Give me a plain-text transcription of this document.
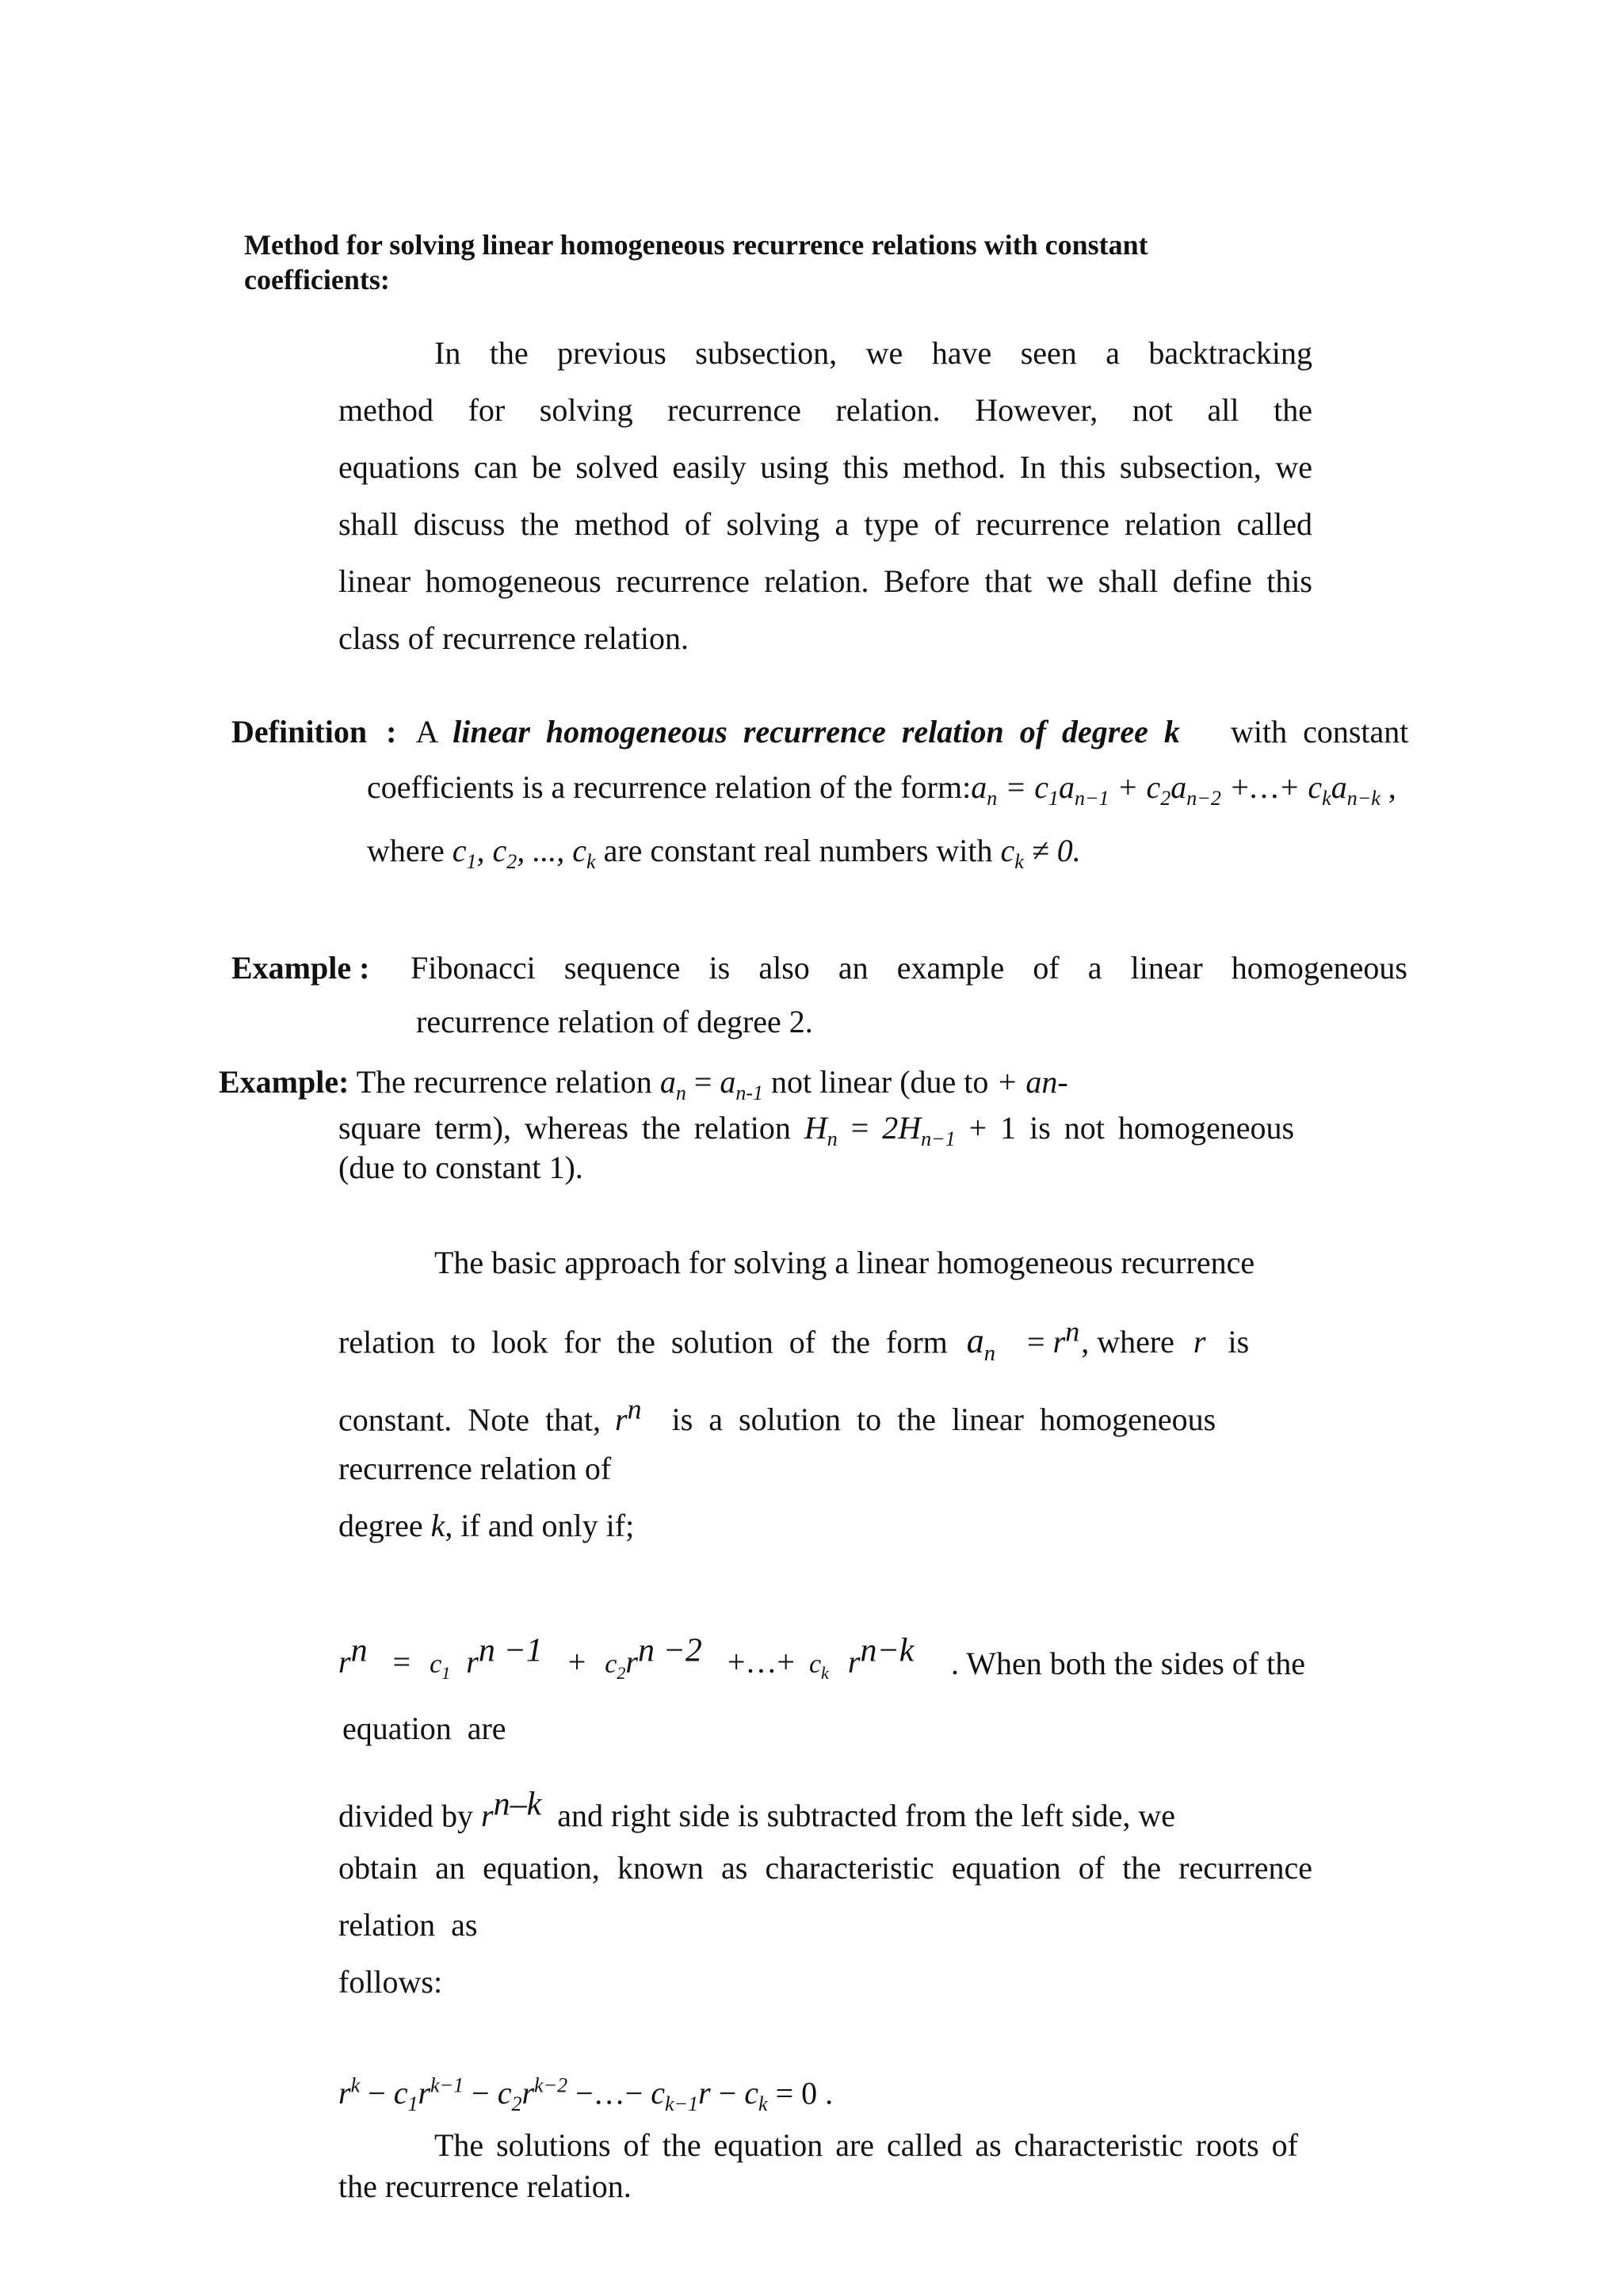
Method for solving linear homogeneous recurrence relations with constant

coefficients:

In the previous subsection, we have seen a backtracking

method for solving recurrence relation. However, not all the

equations can be solved easily using this method. In this subsection, we

shall discuss the method of solving a type of recurrence relation called

linear homogeneous recurrence relation. Before that we shall define this

class of recurrence relation.

Definition : A linear  homogeneous  recurrence  relation  of  degree  k with  constant

coefficients is a recurrence relation of the $form:a_n = c_1a_{n-1} + c_2a_{n-2}$ +…+ $c_ka_{n-k}$ ,

where $c_1$, $c_2$, ..., $c_k$ are constant real numbers with $c_k \ne 0$.

Example : Fibonacci sequence is also an example of a linear homogeneous

recurrence relation of degree 2.

Example: The recurrence relation $a_n = a_{n-1}$ not linear (due to + an-

square term), whereas the relation $H_n = 2H_{n-1} + 1$ is not homogeneous

(due to constant 1).

The basic approach for solving a linear homogeneous recurrence

relation  to  look  for  the  solution  of  the  form $a_n = r^n$, where r is

constant.  Note  that, $r^n$ is  a  solution  to  the  linear  homogeneous

recurrence relation of

degree k, if and only if;

$r^n = c_1$ $r^{n -1} + c_2r^{n -2}$ +…+ $c_k$ $r^{n-k}$ . When both the sides of the

equation  are

divided by $r^{n-k}$ and right side is subtracted from the left side, we

obtain an equation, known as characteristic equation of the recurrence

relation  as

follows:

$r^k - c_1r^{k-1} - c_2r^{k-2}$ −…− $c_{k-1}r - c_k = 0$ .

The solutions of the equation are called as characteristic roots of

the recurrence relation.
